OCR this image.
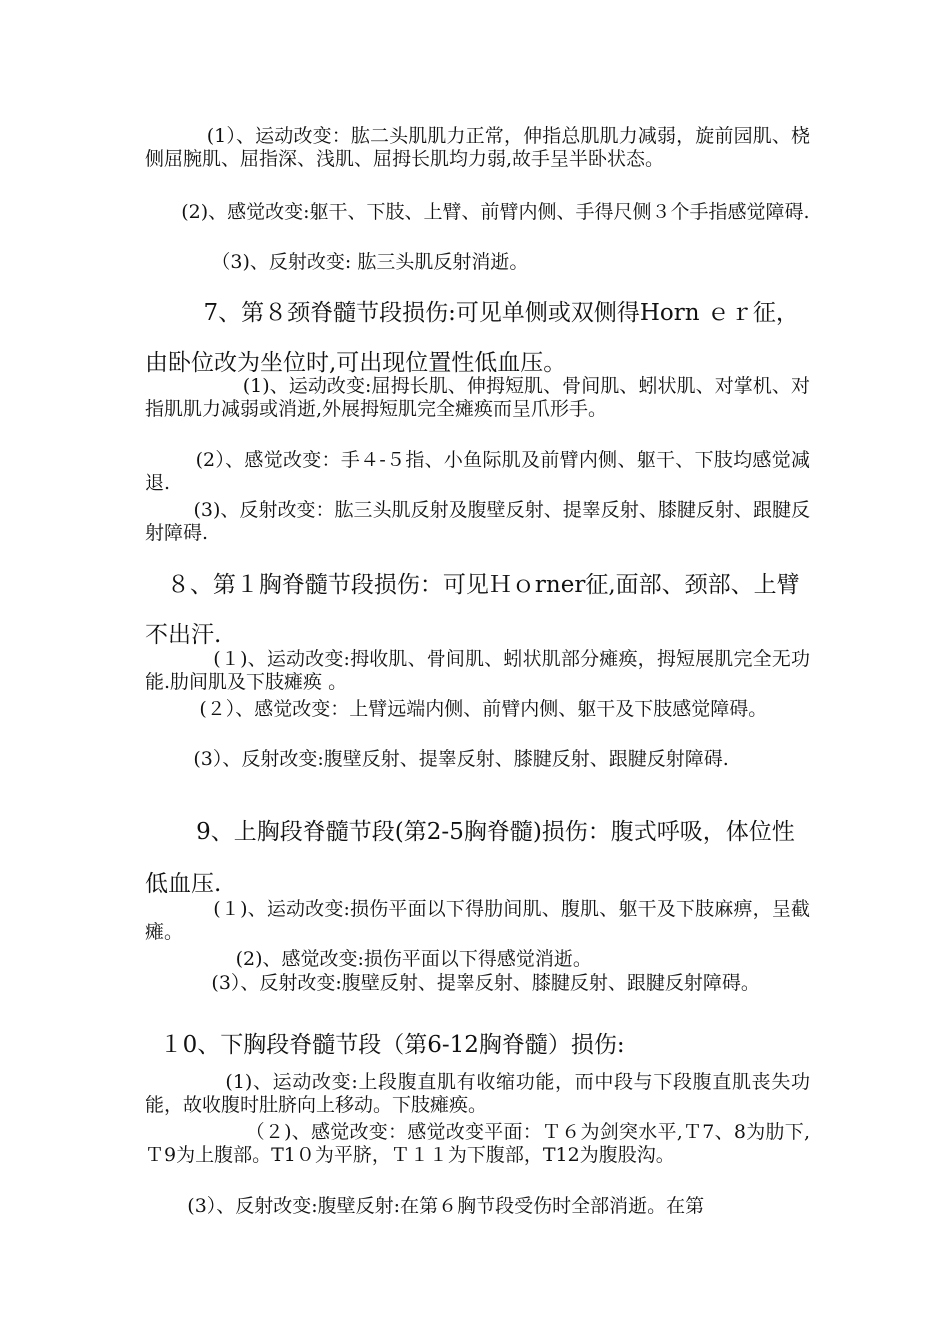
(1）、运动改变：肱二头肌肌力正常，伸指总肌肌力减弱，旋前园肌、桡侧屈腕肌、屈指深、浅肌、屈拇长肌均力弱,故手呈半卧状态。

(2)、感觉改变:躯干、下肢、上臂、前臂内侧、手得尺侧３个手指感觉障碍.

（3)、反射改变: 肱三头肌反射消逝。

7、第８颈脊髓节段损伤:可见单侧或双侧得Horn ｅｒ征，由卧位改为坐位时,可出现位置性低血压。

(1)、运动改变:屈拇长肌、伸拇短肌、骨间肌、蚓状肌、对掌机、对指肌肌力减弱或消逝,外展拇短肌完全瘫痪而呈爪形手。

(2）、感觉改变：手４-５指、小鱼际肌及前臂内侧、躯干、下肢均感觉减退.

(3)、反射改变：肱三头肌反射及腹壁反射、提睾反射、膝腱反射、跟腱反射障碍.

８、第１胸脊髓节段损伤：可见Ｈｏrner征,面部、颈部、上臂不出汗.

(１)、运动改变:拇收肌、骨间肌、蚓状肌部分瘫痪，拇短展肌完全无功能.肋间肌及下肢瘫痪 。

(２）、感觉改变：上臂远端内侧、前臂内侧、躯干及下肢感觉障碍。

(3）、反射改变:腹壁反射、提睾反射、膝腱反射、跟腱反射障碍.

9、上胸段脊髓节段(第2-5胸脊髓)损伤：腹式呼吸，体位性低血压.

(１)、运动改变:损伤平面以下得肋间肌、腹肌、躯干及下肢麻痹，呈截瘫。

(2)、感觉改变:损伤平面以下得感觉消逝。

(3）、反射改变:腹壁反射、提睾反射、膝腱反射、跟腱反射障碍。

１0、下胸段脊髓节段（第6-12胸脊髓）损伤:

(1)、运动改变:上段腹直肌有收缩功能，而中段与下段腹直肌丧失功能，故收腹时肚脐向上移动。下肢瘫痪。

（２)、感觉改变：感觉改变平面：Ｔ６为剑突水平,Ｔ7、8为肋下,Ｔ9为上腹部。T1０为平脐，Ｔ１１为下腹部，T12为腹股沟。

(3）、反射改变:腹壁反射:在第６胸节段受伤时全部消逝。在第
